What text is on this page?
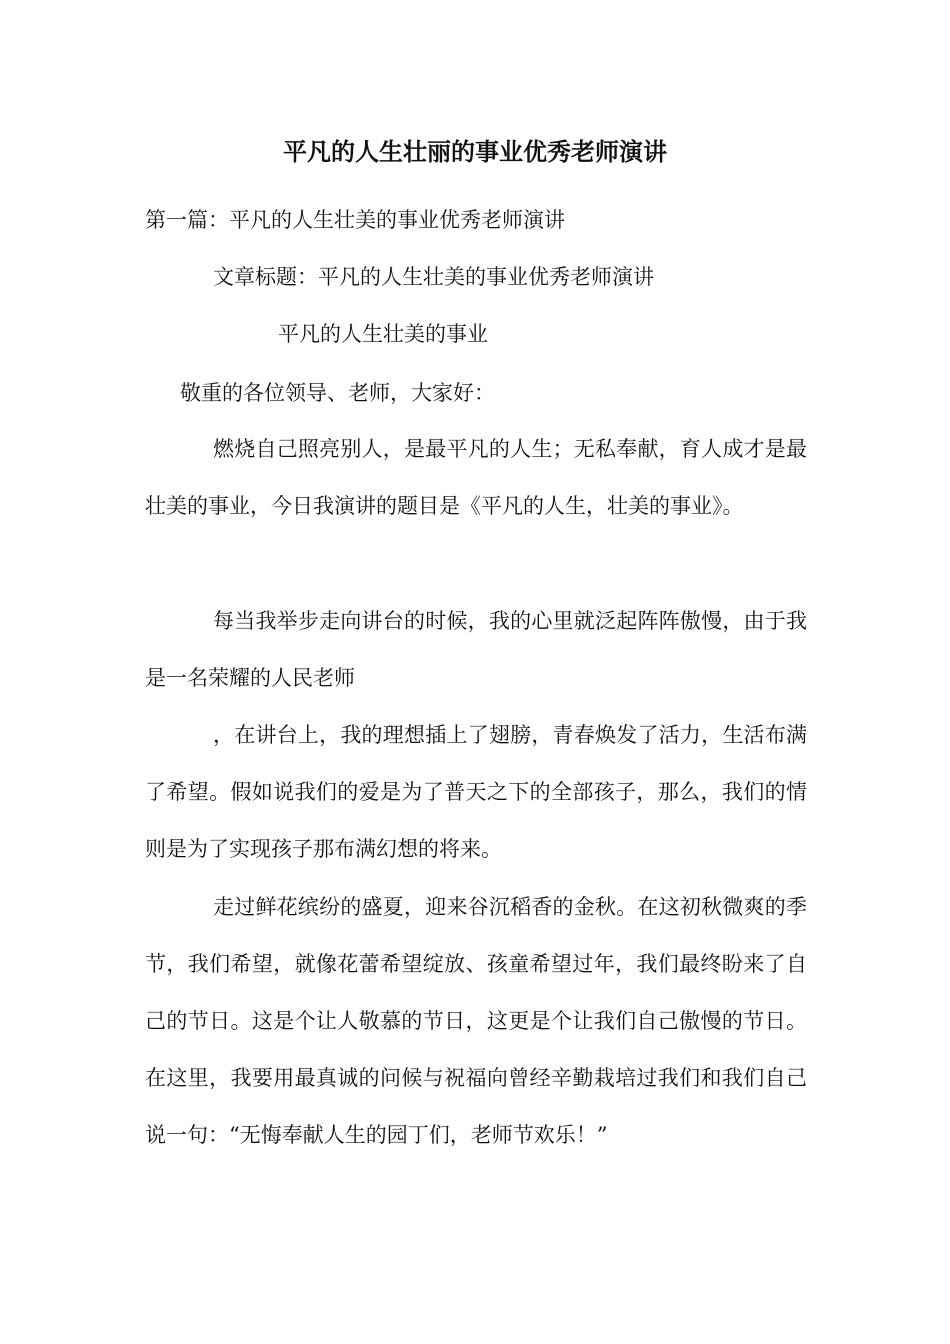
平凡的人生壮丽的事业优秀老师演讲

第一篇：平凡的人生壮美的事业优秀老师演讲

文章标题：平凡的人生壮美的事业优秀老师演讲

平凡的人生壮美的事业

敬重的各位领导、老师，大家好：

燃烧自己照亮别人，是最平凡的人生；无私奉献，育人成才是最壮美的事业，今日我演讲的题目是《平凡的人生，壮美的事业》。

每当我举步走向讲台的时候，我的心里就泛起阵阵傲慢，由于我是一名荣耀的人民老师

，在讲台上，我的理想插上了翅膀，青春焕发了活力，生活布满了希望。假如说我们的爱是为了普天之下的全部孩子，那么，我们的情则是为了实现孩子那布满幻想的将来。

走过鲜花缤纷的盛夏，迎来谷沉稻香的金秋。在这初秋微爽的季节，我们希望，就像花蕾希望绽放、孩童希望过年，我们最终盼来了自己的节日。这是个让人敬慕的节日，这更是个让我们自己傲慢的节日。在这里，我要用最真诚的问候与祝福向曾经辛勤栽培过我们和我们自己说一句：“无悔奉献人生的园丁们，老师节欢乐！”
